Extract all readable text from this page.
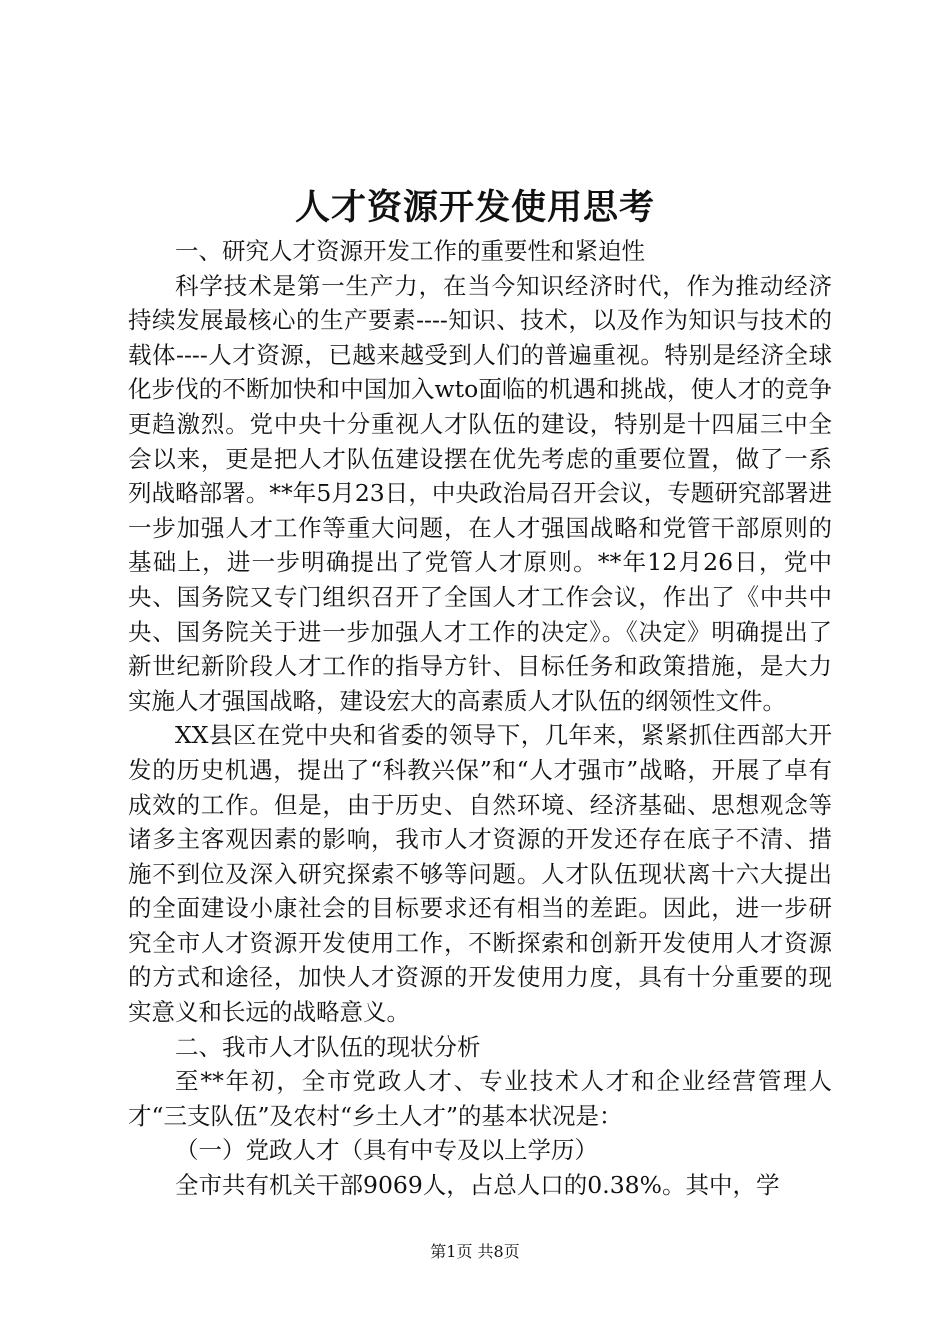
人才资源开发使用思考

一、研究人才资源开发工作的重要性和紧迫性

科学技术是第一生产力，在当今知识经济时代，作为推动经济持续发展最核心的生产要素----知识、技术，以及作为知识与技术的载体----人才资源，已越来越受到人们的普遍重视。特别是经济全球化步伐的不断加快和中国加入wto面临的机遇和挑战，使人才的竞争更趋激烈。党中央十分重视人才队伍的建设，特别是十四届三中全会以来，更是把人才队伍建设摆在优先考虑的重要位置，做了一系列战略部署。**年5月23日，中央政治局召开会议，专题研究部署进一步加强人才工作等重大问题，在人才强国战略和党管干部原则的基础上，进一步明确提出了党管人才原则。**年12月26日，党中央、国务院又专门组织召开了全国人才工作会议，作出了《中共中央、国务院关于进一步加强人才工作的决定》。《决定》明确提出了新世纪新阶段人才工作的指导方针、目标任务和政策措施，是大力实施人才强国战略，建设宏大的高素质人才队伍的纲领性文件。

XX县区在党中央和省委的领导下，几年来，紧紧抓住西部大开发的历史机遇，提出了“科教兴保”和“人才强市”战略，开展了卓有成效的工作。但是，由于历史、自然环境、经济基础、思想观念等诸多主客观因素的影响，我市人才资源的开发还存在底子不清、措施不到位及深入研究探索不够等问题。人才队伍现状离十六大提出的全面建设小康社会的目标要求还有相当的差距。因此，进一步研究全市人才资源开发使用工作，不断探索和创新开发使用人才资源的方式和途径，加快人才资源的开发使用力度，具有十分重要的现实意义和长远的战略意义。

二、我市人才队伍的现状分析

至**年初，全市党政人才、专业技术人才和企业经营管理人才“三支队伍”及农村“乡土人才”的基本状况是：

（一）党政人才（具有中专及以上学历）

全市共有机关干部9069人，占总人口的0.38%。其中，学

第1页 共8页
